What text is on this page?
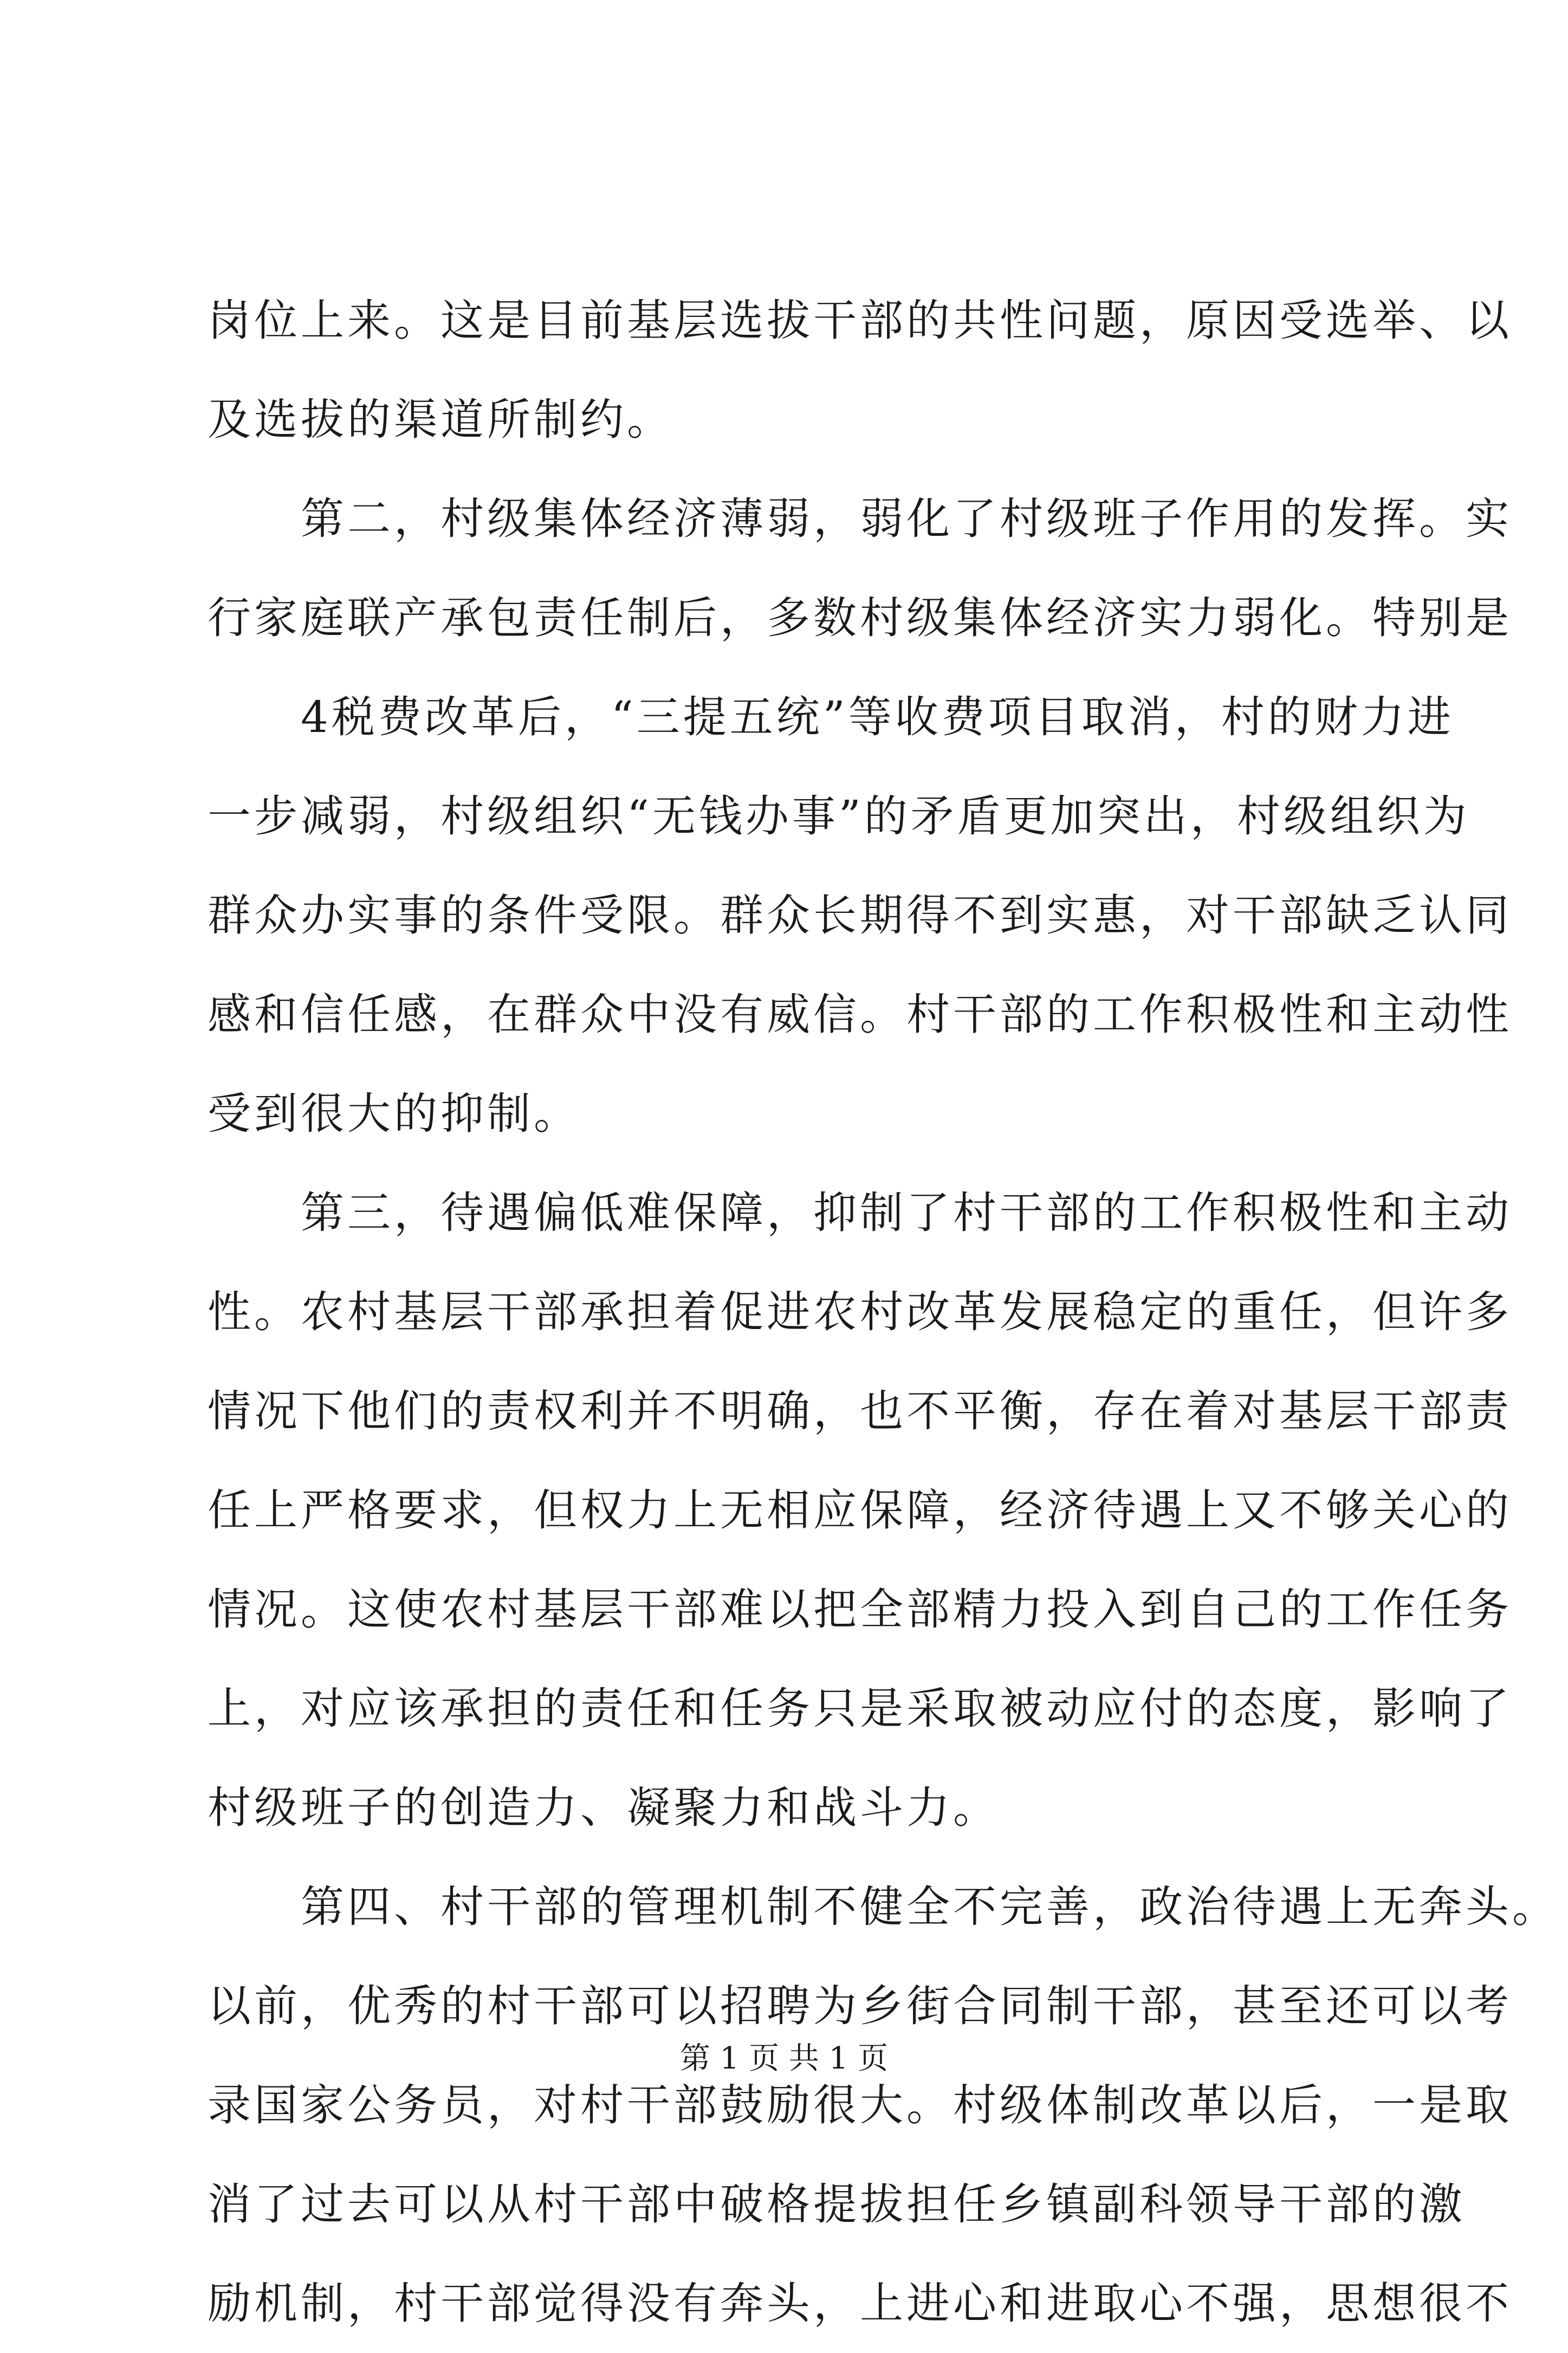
岗位上来。这是目前基层选拔干部的共性问题，原因受选举、以
及选拔的渠道所制约。
　　第二，村级集体经济薄弱，弱化了村级班子作用的发挥。实
行家庭联产承包责任制后，多数村级集体经济实力弱化。特别是
　　4税费改革后，“三提五统”等收费项目取消，村的财力进
一步减弱，村级组织“无钱办事”的矛盾更加突出，村级组织为
群众办实事的条件受限。群众长期得不到实惠，对干部缺乏认同
感和信任感，在群众中没有威信。村干部的工作积极性和主动性
受到很大的抑制。
　　第三，待遇偏低难保障，抑制了村干部的工作积极性和主动
性。农村基层干部承担着促进农村改革发展稳定的重任，但许多
情况下他们的责权利并不明确，也不平衡，存在着对基层干部责
任上严格要求，但权力上无相应保障，经济待遇上又不够关心的
情况。这使农村基层干部难以把全部精力投入到自己的工作任务
上，对应该承担的责任和任务只是采取被动应付的态度，影响了
村级班子的创造力、凝聚力和战斗力。
　　第四、村干部的管理机制不健全不完善，政治待遇上无奔头。
以前，优秀的村干部可以招聘为乡街合同制干部，甚至还可以考
录国家公务员，对村干部鼓励很大。村级体制改革以后，一是取
消了过去可以从村干部中破格提拔担任乡镇副科领导干部的激
励机制，村干部觉得没有奔头，上进心和进取心不强，思想很不
第 1 页 共 1 页
